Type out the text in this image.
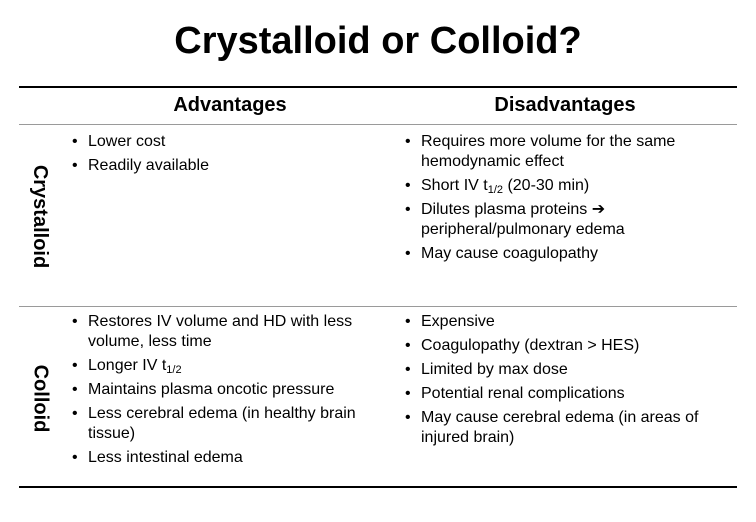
Crystalloid or Colloid?
Advantages	Disadvantages
Crystalloid
• Lower cost
• Readily available
• Requires more volume for the same hemodynamic effect
• Short IV $t_{1/2}$ (20-30 min)
• Dilutes plasma proteins ➔ peripheral/pulmonary edema
• May cause coagulopathy
Colloid
• Restores IV volume and HD with less volume, less time
• Longer IV $t_{1/2}$
• Maintains plasma oncotic pressure
• Less cerebral edema (in healthy brain tissue)
• Less intestinal edema
• Expensive
• Coagulopathy (dextran > HES)
• Limited by max dose
• Potential renal complications
• May cause cerebral edema (in areas of injured brain)
